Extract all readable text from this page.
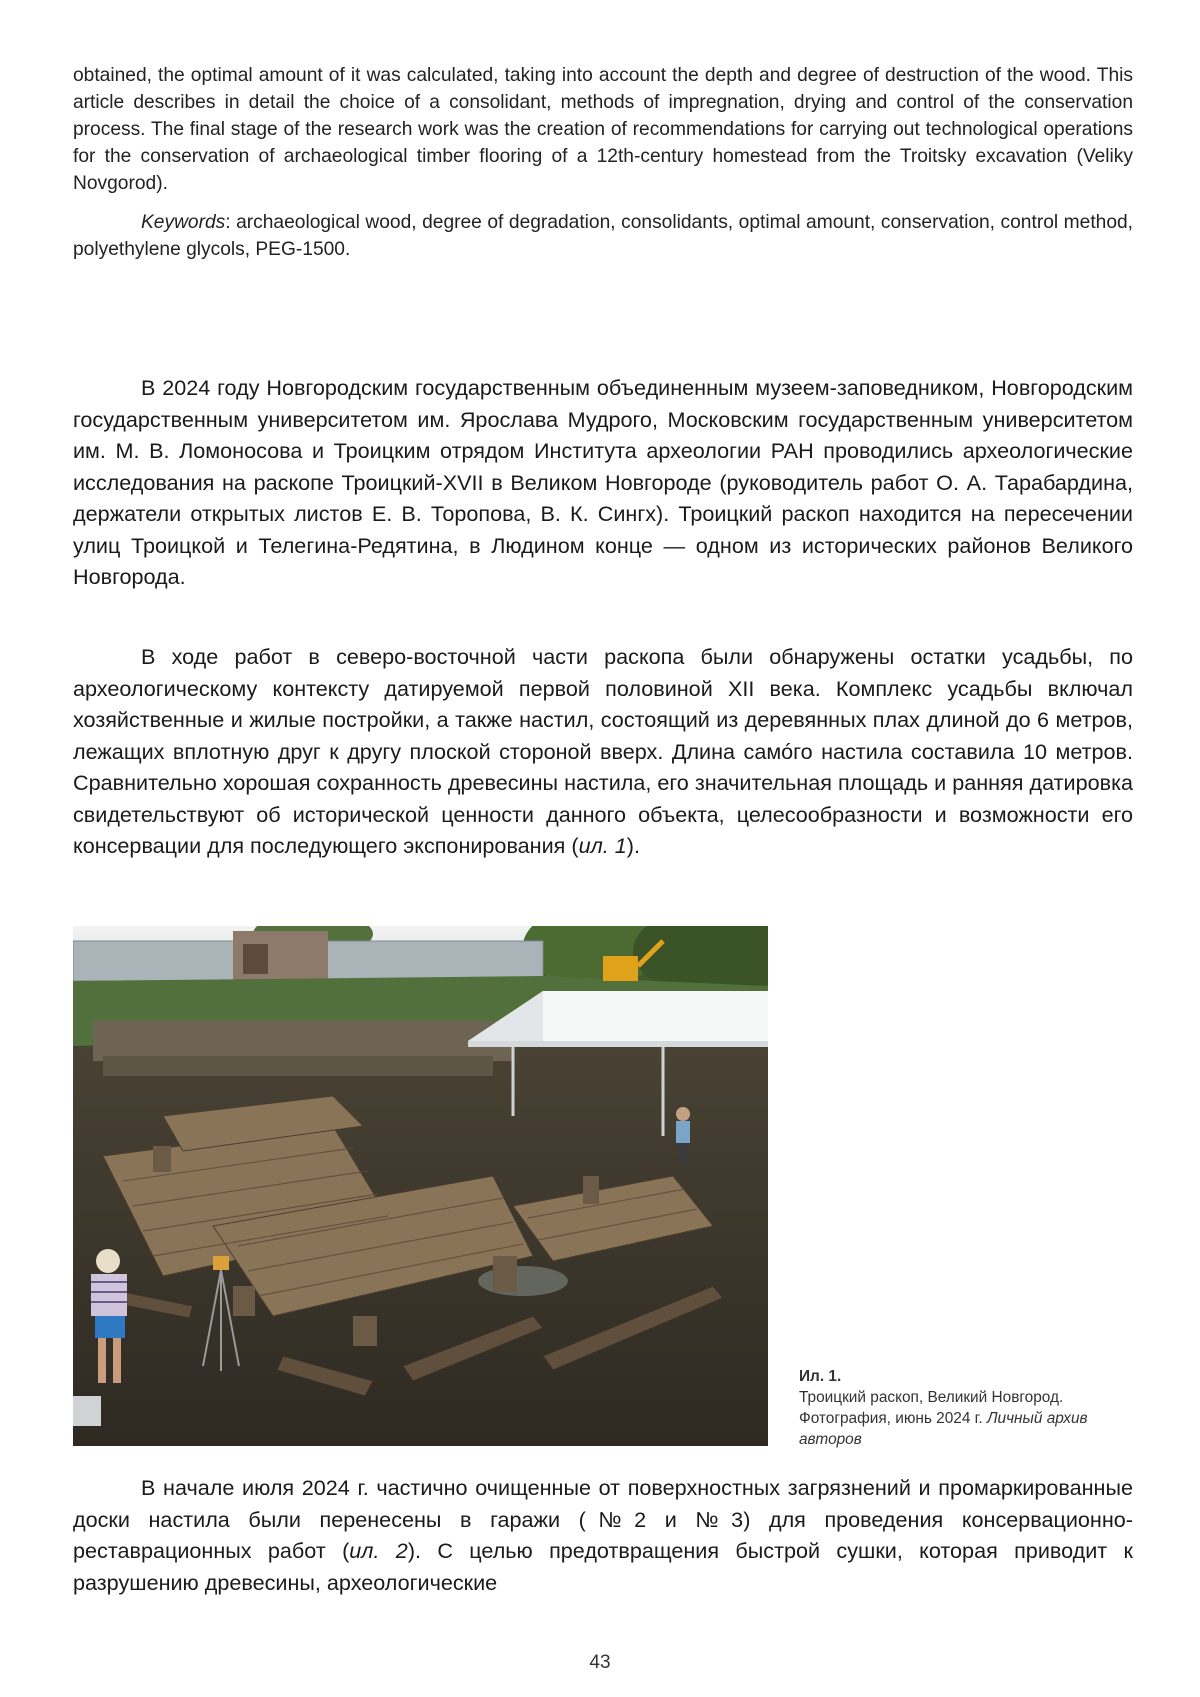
obtained, the optimal amount of it was calculated, taking into account the depth and degree of destruction of the wood. This article describes in detail the choice of a consolidant, methods of impregnation, drying and control of the conservation process. The final stage of the research work was the creation of recommendations for carrying out technological operations for the conservation of archaeological timber flooring of a 12th-century homestead from the Troitsky excavation (Veliky Novgorod).

Keywords: archaeological wood, degree of degradation, consolidants, optimal amount, conservation, control method, polyethylene glycols, PEG-1500.

В 2024 году Новгородским государственным объединенным музеем-заповедником, Новгородским государственным университетом им. Ярослава Мудрого, Московским государственным университетом им. М. В. Ломоносова и Троицким отрядом Института археологии РАН проводились археологические исследования на раскопе Троицкий-XVII в Великом Новгороде (руководитель работ О. А. Тарабардина, держатели открытых листов Е. В. Торопова, В. К. Сингх). Троицкий раскоп находится на пересечении улиц Троицкой и Телегина-Редятина, в Людином конце — одном из исторических районов Великого Новгорода.

В ходе работ в северо-восточной части раскопа были обнаружены остатки усадьбы, по археологическому контексту датируемой первой половиной XII века. Комплекс усадьбы включал хозяйственные и жилые постройки, а также настил, состоящий из деревянных плах длиной до 6 метров, лежащих вплотную друг к другу плоской стороной вверх. Длина самóго настила составила 10 метров. Сравнительно хорошая сохранность древесины настила, его значительная площадь и ранняя датировка свидетельствуют об исторической ценности данного объекта, целесообразности и возможности его консервации для последующего экспонирования (ил. 1).

Ил. 1.
Троицкий раскоп, Великий Новгород. Фотография, июнь 2024 г. Личный архив авторов

В начале июля 2024 г. частично очищенные от поверхностных загрязнений и промаркированные доски настила были перенесены в гаражи (№2 и №3) для проведения консервационно-реставрационных работ (ил. 2). С целью предотвращения быстрой сушки, которая приводит к разрушению древесины, археологические

43
